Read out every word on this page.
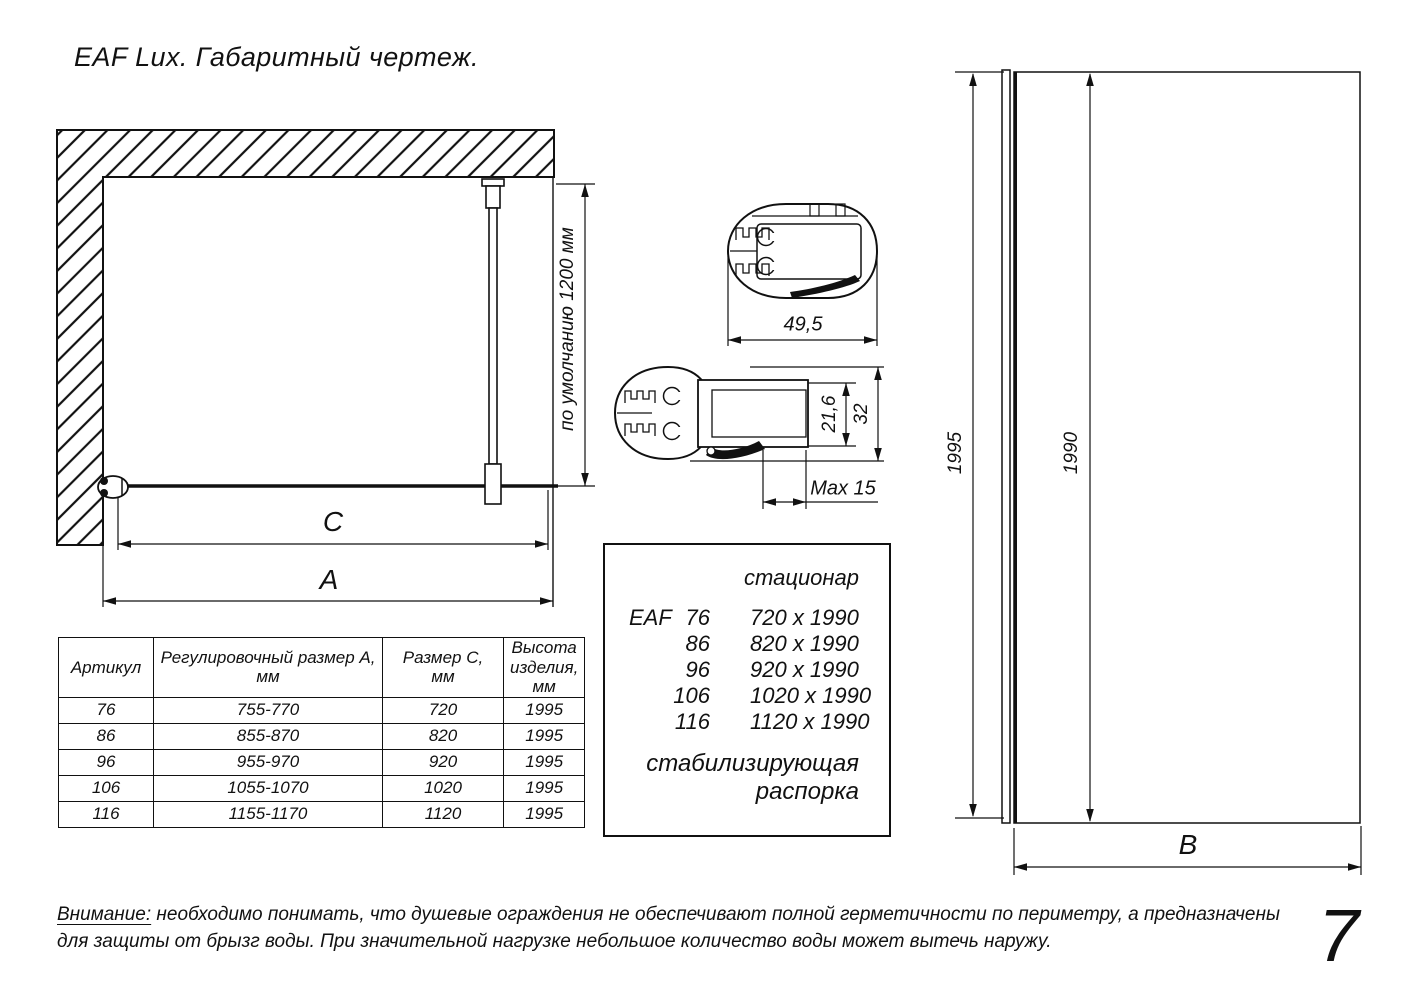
EAF Lux. Габаритный чертеж.
по умолчанию 1200 мм
C
A
49,5
21,6 32
Max 15
1995	1990
B
стационар
EAF 76 720 x 1990
86 820 x 1990
96 920 x 1990
106 1020 x 1990
116 1120 x 1990
стабилизирующая
распорка
Артикул	Регулировочный размер А, мм	Размер С, мм	Высота изделия, мм
76	755-770	720	1995
86	855-870	820	1995
96	955-970	920	1995
106	1055-1070	1020	1995
116	1155-1170	1120	1995
Внимание: необходимо понимать, что душевые ограждения не обеспечивают полной герметичности по периметру, а предназначены
для защиты от брызг воды. При значительной нагрузке небольшое количество воды может вытечь наружу.	7
